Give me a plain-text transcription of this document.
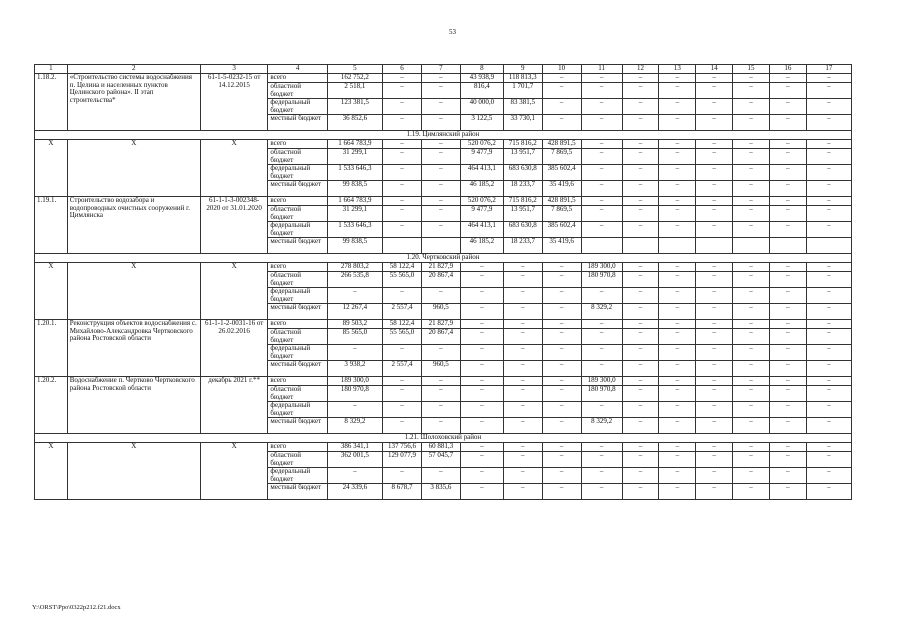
53
1	2	3	4	5	6	7	8	9	10	11	12	13	14	15	16	17
1.18.2.	«Строительство системы водоснабжения п. Целина и населенных пунктов Целинского района». II этап строительства*	61-1-5-0232-15 от 14.12.2015	всего	162 752,2	–	–	43 938,9	118 813,3	–	–	–	–	–	–	–	–
			областной бюджет	2 518,1	–	–	816,4	1 701,7	–	–	–	–	–	–	–	–
			федеральный бюджет	123 381,5	–	–	40 000,0	83 381,5	–	–	–	–	–	–	–	–
			местный бюджет	36 852,6	–	–	3 122,5	33 730,1	–	–	–	–	–	–	–	–
1.19. Цимлянский район																
Х	Х	Х	всего	1 664 783,9	–	–	520 076,2	715 816,2	428 891,5	–	–	–	–	–	–	–
			областной бюджет	31 299,1	–	–	9 477,9	13 951,7	7 869,5	–	–	–	–	–	–	–
			федеральный бюджет	1 533 646,3	–	–	464 413,1	683 630,8	385 602,4	–	–	–	–	–	–	–
			местный бюджет	99 838,5	–	–	46 185,2	18 233,7	35 419,6	–	–	–	–	–	–	–
1.19.1.	Строительство водозабора и водопроводных очистных сооружений г. Цимлянска	61-1-1-3-002348-2020 от 31.01.2020	всего	1 664 783,9	–	–	520 076,2	715 816,2	428 891,5	–	–	–	–	–	–	–
			областной бюджет	31 299,1	–	–	9 477,9	13 951,7	7 869,5	–	–	–	–	–	–	–
			федеральный бюджет	1 533 646,3	–	–	464 413,1	683 630,8	385 602,4	–	–	–	–	–	–	–
			местный бюджет	99 838,5			46 185,2	18 233,7	35 419,6							
1.20. Чертковский район																
Х	Х	Х	всего	278 803,2	58 122,4	21 827,9	–	–	–	189 300,0	–	–	–	–	–	–
			областной бюджет	266 535,8	55 565,0	20 867,4	–	–	–	180 970,8	–	–	–	–	–	–
			федеральный бюджет	–	–	–	–	–	–	–	–	–	–	–	–	–
			местный бюджет	12 267,4	2 557,4	960,5	–	–	–	8 329,2	–	–	–	–	–	–
1.20.1.	Реконструкция объектов водоснабжения с. Михайлово-Александровка Чертковского района Ростовской области	61-1-1-2-0031-16 от 26.02.2016	всего	89 503,2	58 122,4	21 827,9	–	–	–	–	–	–	–	–	–	–
			областной бюджет	85 565,0	55 565,0	20 867,4	–	–	–	–	–	–	–	–	–	–
			федеральный бюджет	–	–	–	–	–	–	–	–	–	–	–	–	–
			местный бюджет	3 938,2	2 557,4	960,5	–	–	–	–	–	–	–	–	–	–
1.20.2.	Водоснабжение п. Чертково Чертковского района Ростовской области	декабрь 2021 г.**	всего	189 300,0	–	–	–	–	–	189 300,0	–	–	–	–	–	–
			областной бюджет	180 970,8	–	–	–	–	–	180 970,8	–	–	–	–	–	–
			федеральный бюджет	–	–	–	–	–	–	–	–	–	–	–	–	–
			местный бюджет	8 329,2	–	–	–	–	–	8 329,2	–	–	–	–	–	–
1.21. Шолоховский район																
Х	Х	Х	всего	386 341,1	137 756,6	60 881,3	–	–	–	–	–	–	–	–	–	–
			областной бюджет	362 001,5	129 077,9	57 045,7	–	–	–	–	–	–	–	–	–	–
			федеральный бюджет	–	–	–	–	–	–	–	–	–	–	–	–	–
			местный бюджет	24 339,6	8 678,7	3 835,6	–	–	–	–	–	–	–	–	–	–
Y:\ORST\Ppo\0322p212.f21.docx
